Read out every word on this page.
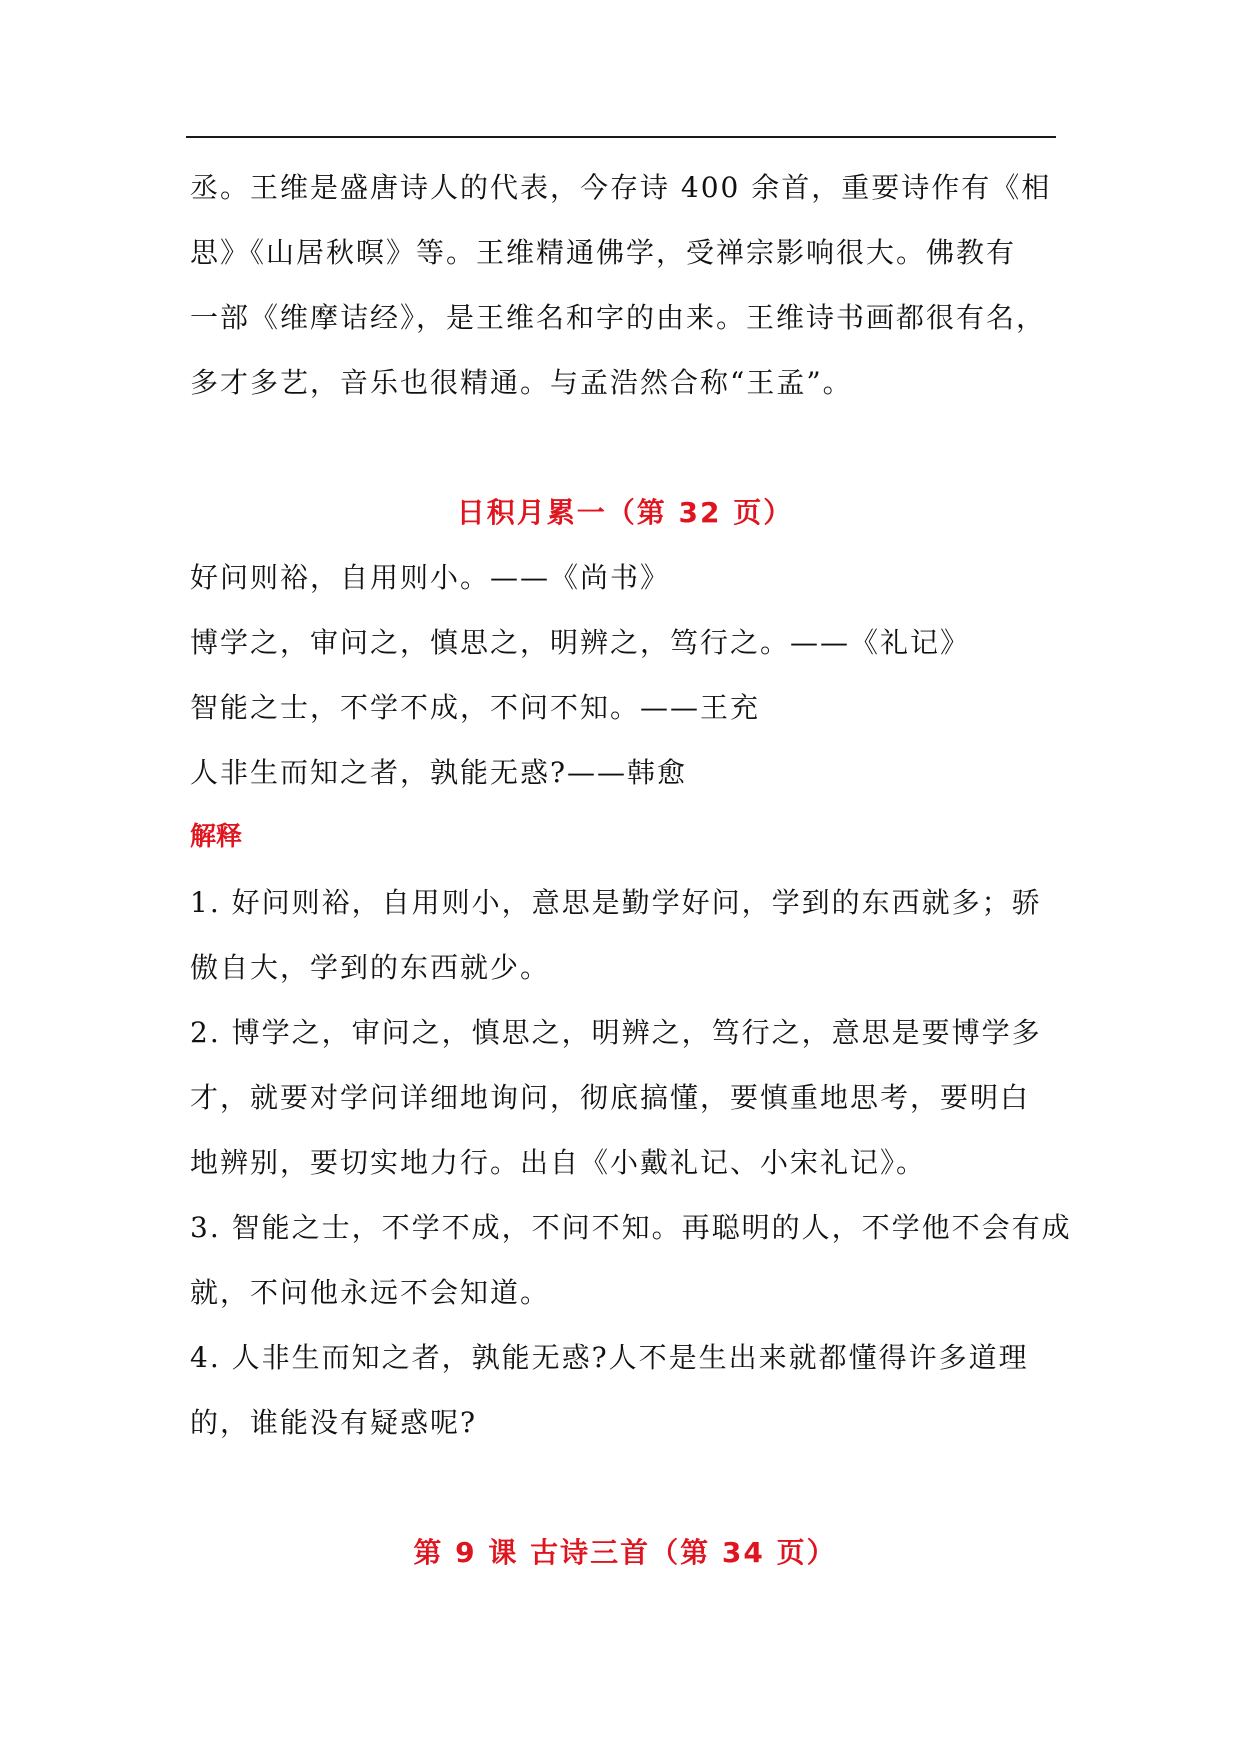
丞。王维是盛唐诗人的代表，今存诗 400 余首，重要诗作有《相
思》《山居秋暝》等。王维精通佛学，受禅宗影响很大。佛教有
一部《维摩诘经》，是王维名和字的由来。王维诗书画都很有名，
多才多艺，音乐也很精通。与孟浩然合称“王孟”。
日积月累一（第 32 页）
好问则裕，自用则小。——《尚书》
博学之，审问之，慎思之，明辨之，笃行之。——《礼记》
智能之士，不学不成，不问不知。——王充
人非生而知之者，孰能无惑?——韩愈
解释
1. 好问则裕，自用则小，意思是勤学好问，学到的东西就多；骄
傲自大，学到的东西就少。
2. 博学之，审问之，慎思之，明辨之，笃行之，意思是要博学多
才，就要对学问详细地询问，彻底搞懂，要慎重地思考，要明白
地辨别，要切实地力行。出自《小戴礼记、小宋礼记》。
3. 智能之士，不学不成，不问不知。再聪明的人，不学他不会有成
就，不问他永远不会知道。
4. 人非生而知之者，孰能无惑?人不是生出来就都懂得许多道理
的，谁能没有疑惑呢?
第 9 课 古诗三首（第 34 页）
